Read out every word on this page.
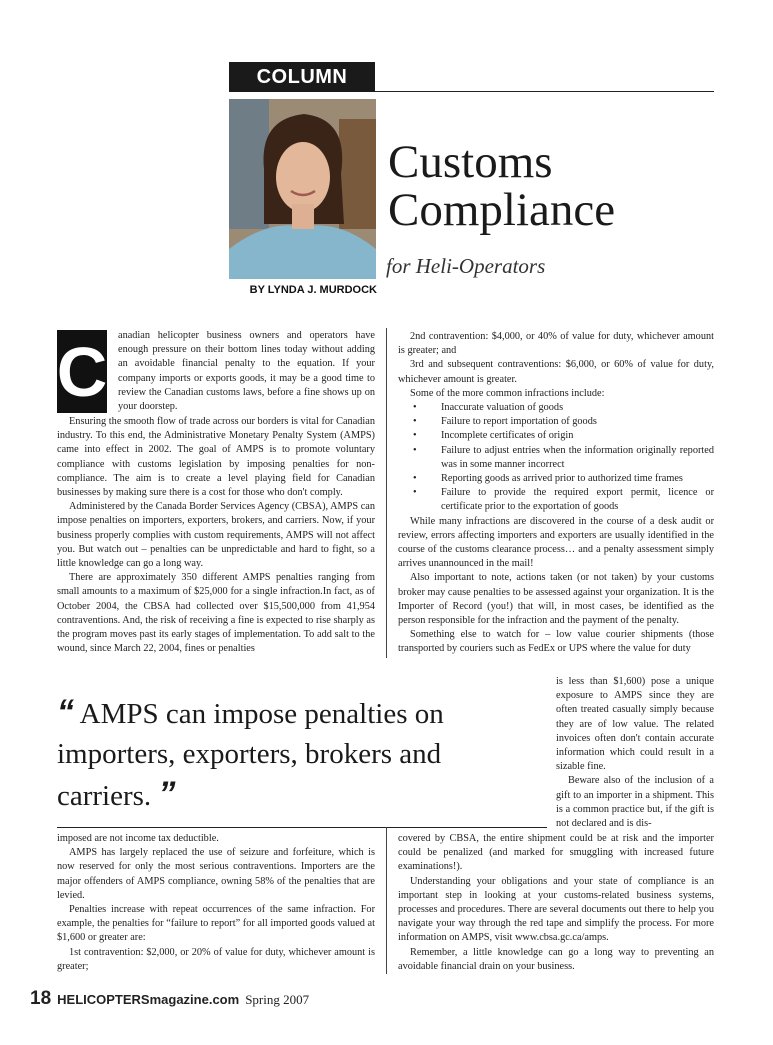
COLUMN
BY LYNDA J. MURDOCK
Customs
Compliance
for Heli-Operators
C anadian helicopter business owners and operators have enough pressure on their bottom lines today without adding an avoidable financial penalty to the equation. If your company imports or exports goods, it may be a good time to review the Canadian customs laws, before a fine shows up on your doorstep.

Ensuring the smooth flow of trade across our borders is vital for Canadian industry. To this end, the Administrative Monetary Penalty System (AMPS) came into effect in 2002. The goal of AMPS is to promote voluntary compliance with customs legislation by imposing penalties for non-compliance. The aim is to create a level playing field for Canadian businesses by making sure there is a cost for those who don't comply.

Administered by the Canada Border Services Agency (CBSA), AMPS can impose penalties on importers, exporters, brokers, and carriers. Now, if your business properly complies with custom requirements, AMPS will not affect you. But watch out – penalties can be unpredictable and hard to fight, so a little knowledge can go a long way.

There are approximately 350 different AMPS penalties ranging from small amounts to a maximum of $25,000 for a single infraction.In fact, as of October 2004, the CBSA had collected over $15,500,000 from 41,954 contraventions. And, the risk of receiving a fine is expected to rise sharply as the program moves past its early stages of implementation. To add salt to the wound, since March 22, 2004, fines or penalties

2nd contravention: $4,000, or 40% of value for duty, whichever amount is greater; and

3rd and subsequent contraventions: $6,000, or 60% of value for duty, whichever amount is greater.

Some of the more common infractions include:

• Inaccurate valuation of goods
• Failure to report importation of goods
• Incomplete certificates of origin
• Failure to adjust entries when the information originally reported was in some manner incorrect
• Reporting goods as arrived prior to authorized time frames
• Failure to provide the required export permit, licence or certificate prior to the exportation of goods

While many infractions are discovered in the course of a desk audit or review, errors affecting importers and exporters are usually identified in the course of the customs clearance process… and a penalty assessment simply arrives unannounced in the mail!

Also important to note, actions taken (or not taken) by your customs broker may cause penalties to be assessed against your organization. It is the Importer of Record (you!) that will, in most cases, be identified as the person responsible for the infraction and the payment of the penalty.

Something else to watch for – low value courier shipments (those transported by couriers such as FedEx or UPS where the value for duty

is less than $1,600) pose a unique exposure to AMPS since they are often treated casually simply because they are of low value. The related invoices often don't contain accurate information which could result in a sizable fine.

Beware also of the inclusion of a gift to an importer in a shipment. This is a common practice but, if the gift is not declared and is dis-

“ AMPS can impose penalties on importers, exporters, brokers and carriers. ”

imposed are not income tax deductible.

AMPS has largely replaced the use of seizure and forfeiture, which is now reserved for only the most serious contraventions. Importers are the major offenders of AMPS compliance, owning 58% of the penalties that are levied.

Penalties increase with repeat occurrences of the same infraction. For example, the penalties for “failure to report” for all imported goods valued at $1,600 or greater are:

1st contravention: $2,000, or 20% of value for duty, whichever amount is greater;

covered by CBSA, the entire shipment could be at risk and the importer could be penalized (and marked for smuggling with increased future examinations!).

Understanding your obligations and your state of compliance is an important step in looking at your customs-related business systems, processes and procedures. There are several documents out there to help you navigate your way through the red tape and simplify the process. For more information on AMPS, visit www.cbsa.gc.ca/amps.

Remember, a little knowledge can go a long way to preventing an avoidable financial drain on your business.

18 HELICOPTERSmagazine.com Spring 2007
